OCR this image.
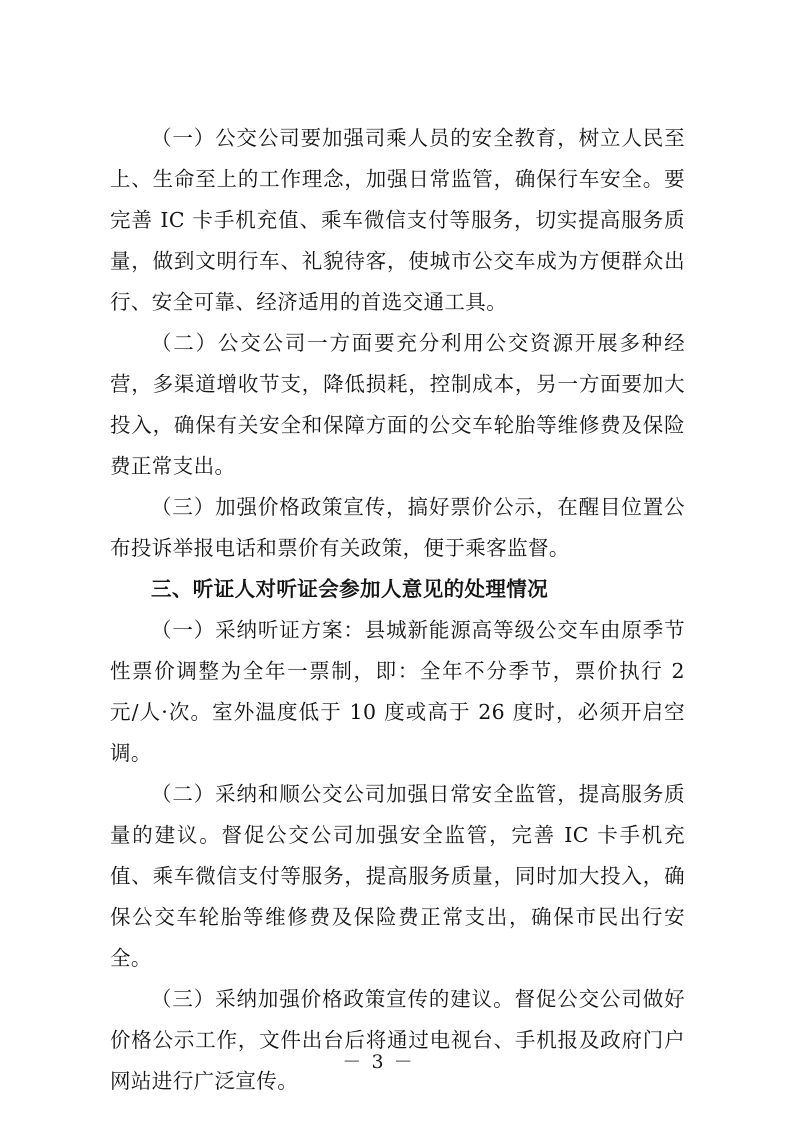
（一）公交公司要加强司乘人员的安全教育，树立人民至上、生命至上的工作理念，加强日常监管，确保行车安全。要完善 IC 卡手机充值、乘车微信支付等服务，切实提高服务质量，做到文明行车、礼貌待客，使城市公交车成为方便群众出行、安全可靠、经济适用的首选交通工具。

（二）公交公司一方面要充分利用公交资源开展多种经营，多渠道增收节支，降低损耗，控制成本，另一方面要加大投入，确保有关安全和保障方面的公交车轮胎等维修费及保险费正常支出。

（三）加强价格政策宣传，搞好票价公示，在醒目位置公布投诉举报电话和票价有关政策，便于乘客监督。

三、听证人对听证会参加人意见的处理情况

（一）采纳听证方案：县城新能源高等级公交车由原季节性票价调整为全年一票制，即：全年不分季节，票价执行 2 元/人·次。室外温度低于 10 度或高于 26 度时，必须开启空调。

（二）采纳和顺公交公司加强日常安全监管，提高服务质量的建议。督促公交公司加强安全监管，完善 IC 卡手机充值、乘车微信支付等服务，提高服务质量，同时加大投入，确保公交车轮胎等维修费及保险费正常支出，确保市民出行安全。

（三）采纳加强价格政策宣传的建议。督促公交公司做好价格公示工作，文件出台后将通过电视台、手机报及政府门户网站进行广泛宣传。

－ 3 －
